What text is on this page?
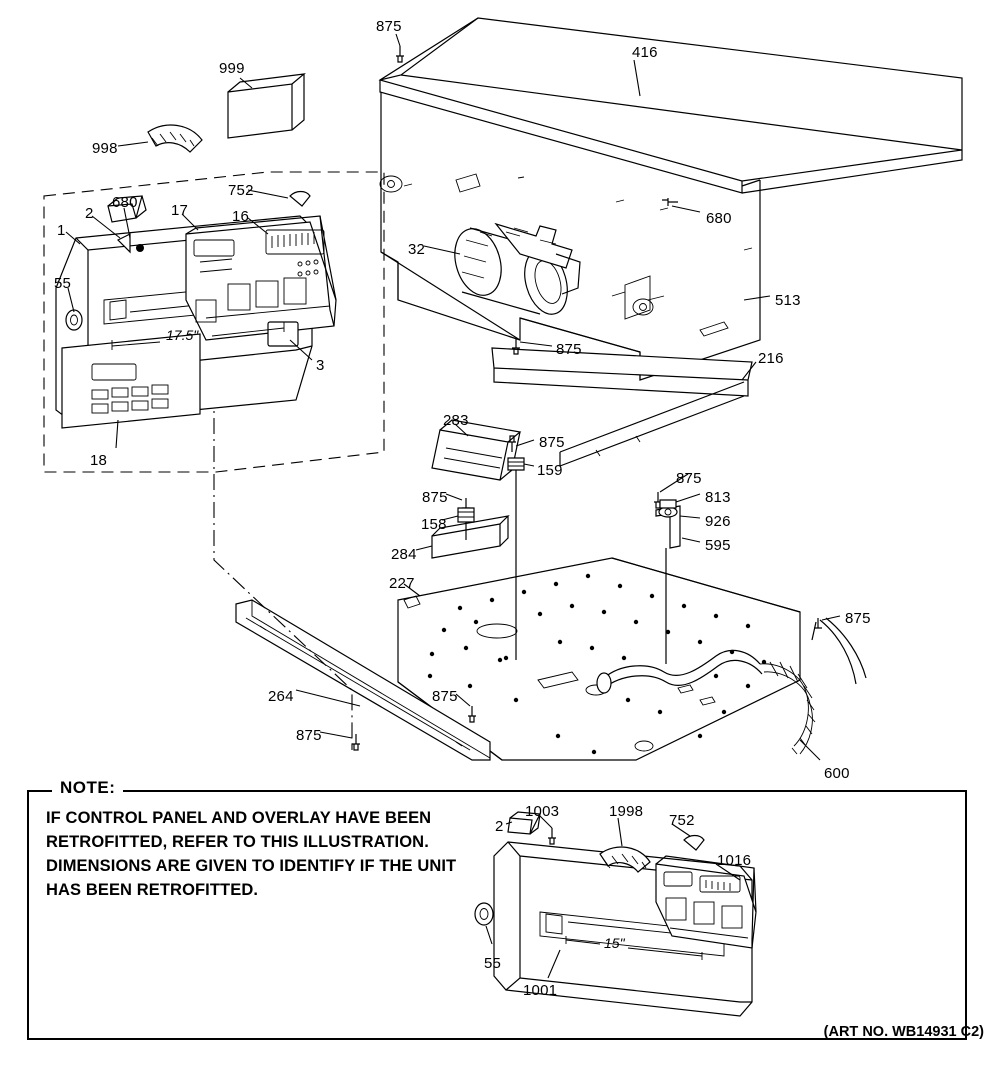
17.5"
15"
875
416
999
998
752
680 17	16	680
2
1
32
55
513
875
3	216
283
18
875
159	875
875	813
926
158
595
284
227
875
264	875
875
600
1003	1998
752
2
1016
55
1001
NOTE:
IF CONTROL PANEL AND OVERLAY HAVE BEEN RETROFITTED, REFER TO THIS ILLUSTRATION. DIMENSIONS ARE GIVEN TO IDENTIFY IF THE UNIT HAS BEEN RETROFITTED.
(ART NO. WB14931 C2)
